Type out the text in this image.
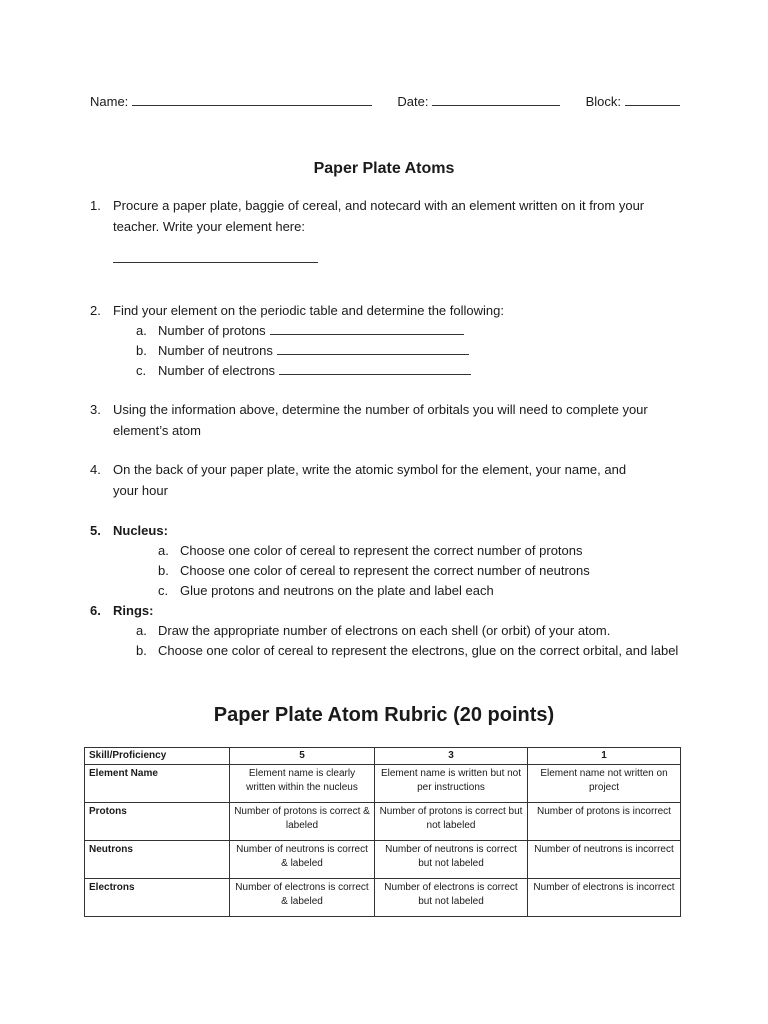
Name:	Date:	Block:
Paper Plate Atoms
1. Procure a paper plate, baggie of cereal, and notecard with an element written on it from your teacher. Write your element here:
2. Find your element on the periodic table and determine the following:
a. Number of protons
b. Number of neutrons
c. Number of electrons
3. Using the information above, determine the number of orbitals you will need to complete your element’s atom
4. On the back of your paper plate, write the atomic symbol for the element, your name, and your hour
5. Nucleus:
a. Choose one color of cereal to represent the correct number of protons
b. Choose one color of cereal to represent the correct number of neutrons
c. Glue protons and neutrons on the plate and label each
6. Rings:
a. Draw the appropriate number of electrons on each shell (or orbit) of your atom.
b. Choose one color of cereal to represent the electrons, glue on the correct orbital, and label
Paper Plate Atom Rubric (20 points)
Skill/Proficiency	5	3	1
Element Name	Element name is clearly written within the nucleus	Element name is written but not per instructions	Element name not written on project
Protons	Number of protons is correct & labeled	Number of protons is correct but not labeled	Number of protons is incorrect
Neutrons	Number of neutrons is correct & labeled	Number of neutrons is correct but not labeled	Number of neutrons is incorrect
Electrons	Number of electrons is correct & labeled	Number of electrons is correct but not labeled	Number of electrons is incorrect
